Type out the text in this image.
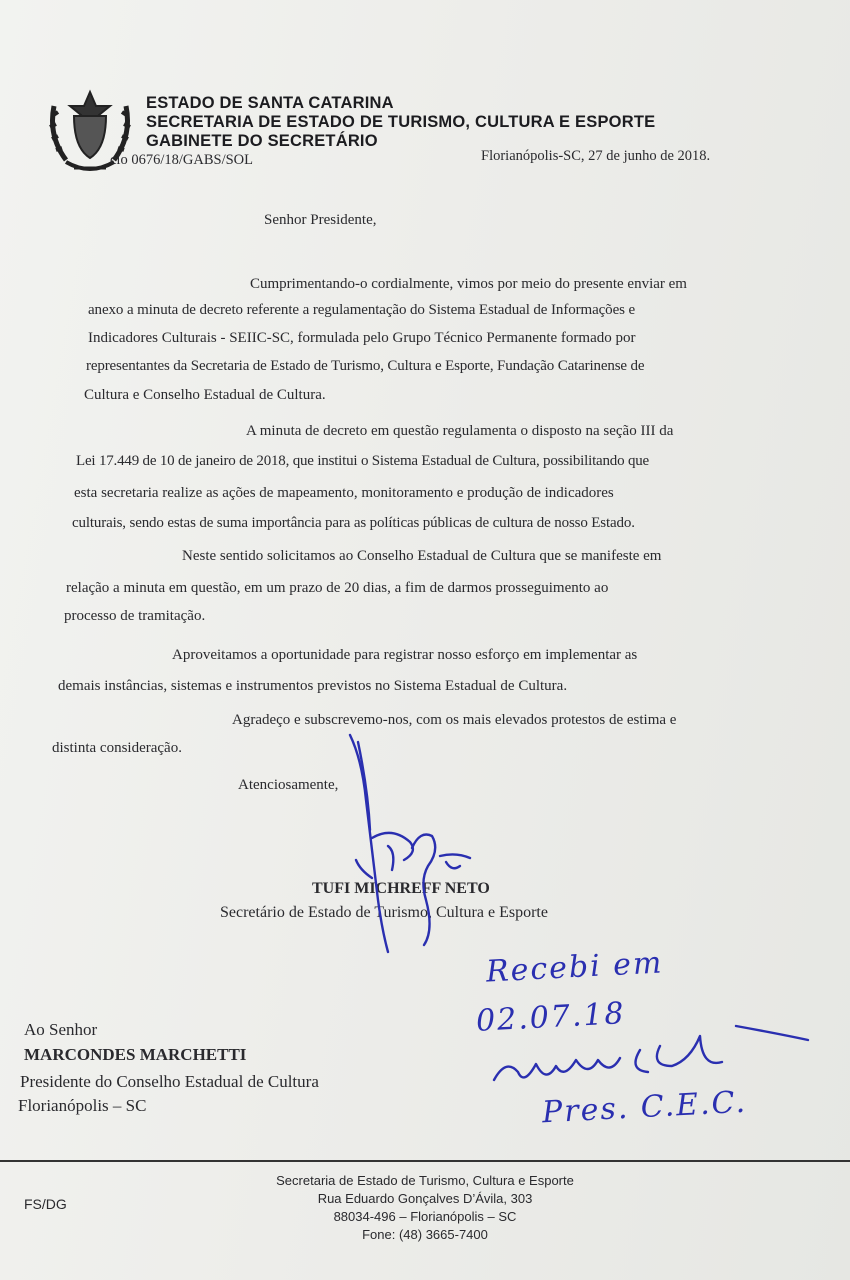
ESTADO DE SANTA CATARINA
SECRETARIA DE ESTADO DE TURISMO, CULTURA E ESPORTE
GABINETE DO SECRETÁRIO
cio 0676/18/GABS/SOL	Florianópolis-SC, 27 de junho de 2018.
Senhor Presidente,
Cumprimentando-o cordialmente, vimos por meio do presente enviar em
anexo a minuta de decreto referente a regulamentação do Sistema Estadual de Informações e
Indicadores Culturais - SEIIC-SC, formulada pelo Grupo Técnico Permanente formado por
representantes da Secretaria de Estado de Turismo, Cultura e Esporte, Fundação Catarinense de
Cultura e Conselho Estadual de Cultura.
A minuta de decreto em questão regulamenta o disposto na seção III da
Lei 17.449 de 10 de janeiro de 2018, que institui o Sistema Estadual de Cultura, possibilitando que
esta secretaria realize as ações de mapeamento, monitoramento e produção de indicadores
culturais, sendo estas de suma importância para as políticas públicas de cultura de nosso Estado.
Neste sentido solicitamos ao Conselho Estadual de Cultura que se manifeste em
relação a minuta em questão, em um prazo de 20 dias, a fim de darmos prosseguimento ao
processo de tramitação.
Aproveitamos a oportunidade para registrar nosso esforço em implementar as
demais instâncias, sistemas e instrumentos previstos no Sistema Estadual de Cultura.
Agradeço e subscrevemo-nos, com os mais elevados protestos de estima e
distinta consideração.
Atenciosamente,
TUFI MICHREFF NETO
Secretário de Estado de Turismo, Cultura e Esporte
Ao Senhor
MARCONDES MARCHETTI
Presidente do Conselho Estadual de Cultura
Florianópolis – SC
Recebi em
02.07.18
Pres. C.E.C.
Secretaria de Estado de Turismo, Cultura e Esporte
Rua Eduardo Gonçalves D’Ávila, 303
88034-496 – Florianópolis – SC
Fone: (48) 3665-7400
FS/DG
